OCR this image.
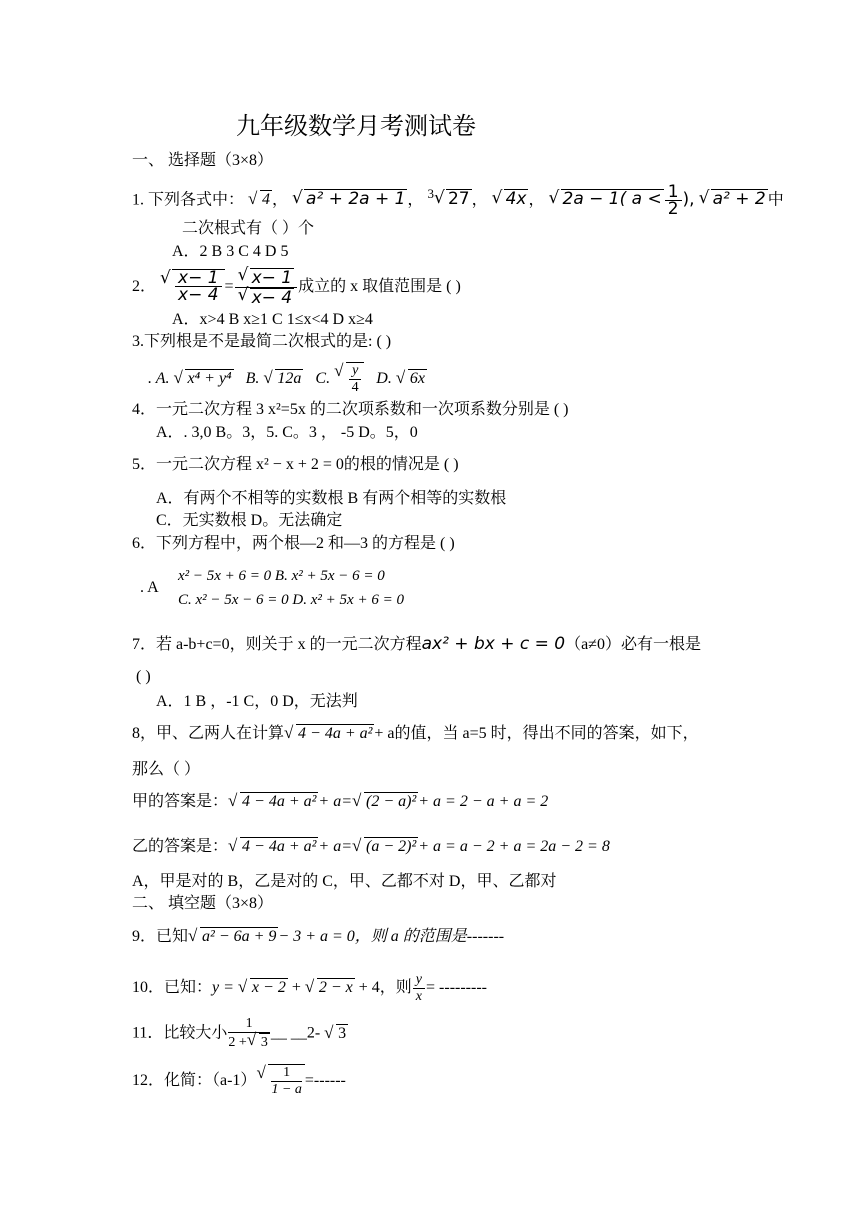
九年级数学月考测试卷
一、 选择题（3×8）
1. 下列各式中： √ 4 ， √ a² + 2a + 1 ， $^3$ √ 27 ， √ 4x ， √ 2a − 1( $a < \frac{1}{2}$ ), √ a² + 2 中
二次根式有（ ）个
A．2 B 3 C 4 D 5
2． √ $\frac{x- 1}{x- 4}$ = √ x− 1
√ x− 4 成立的 x 取值范围是 ( )
A．x>4 B x≥1 C 1≤x<4 D x≥4
3.下列根是不是最简二次根式的是: ( )
. A. √ x⁴ + y⁴ B. √ 12a C. √ $\frac{y}{4} D$. √ 6x
4．一元二次方程 3 x²=5x 的二次项系数和一次项系数分别是 ( )
A．. 3,0 B。3，5. C。3 ， -5 D。5，0
5．一元二次方程 x² − x + 2 = 0的根的情况是 ( )
A．有两个不相等的实数根 B 有两个相等的实数根
C．无实数根 D。无法确定
6．下列方程中，两个根—2 和—3 的方程是 ( )
. A
x² − 5x + 6 = 0 B. x² + 5x − 6 = 0
C. x² − 5x − 6 = 0 D. x² + 5x + 6 = 0
7．若 a-b+c=0，则关于 x 的一元二次方程ax² + bx + c = 0（a≠0）必有一根是
( )
A．1 B ，-1 C，0 D，无法判
8，甲、乙两人在计算 √ 4 − 4a + a² + a的值，当 a=5 时，得出不同的答案，如下，
那么（ ）
甲的答案是： √ 4 − 4a + a² + a= √ (2 − a)² + a = 2 − a + a = 2
乙的答案是： √ 4 − 4a + a² + a= √ (a − 2)² + a = a − 2 + a = 2a − 2 = 8
A，甲是对的 B，乙是对的 C，甲、乙都不对 D，甲、乙都对
二、 填空题（3×8）
9．已知 √ a² − 6a + 9 − 3 + a = 0，则 a 的范围是-------
10．已知：y = √ x − 2 + √ 2 − x + 4，则 $\frac{y}{x}$ = ---------
11．比较大小 $\frac{1}{2 + √ 3}$ __ __2- √ 3
12．化简：（a-1） √ $\frac{1}{1 - a}$ =------
